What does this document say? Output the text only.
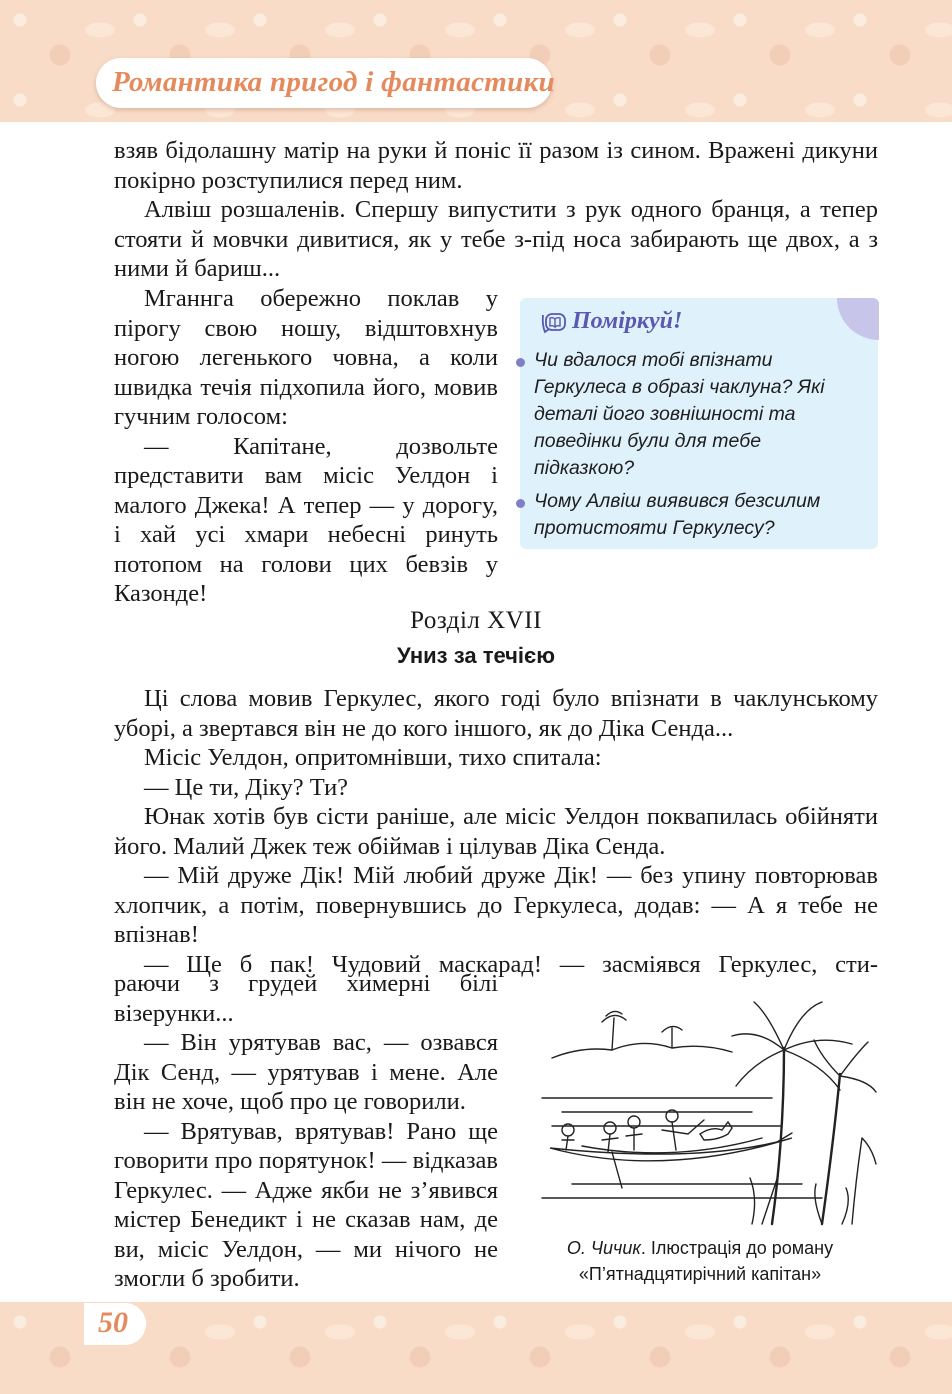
Романтика пригод і фантастики

взяв бідолашну матір на руки й поніс її разом із сином. Вражені дикуни покірно розступилися перед ним.

Алвіш розшаленів. Спершу випустити з рук одного бранця, а тепер стояти й мовчки дивитися, як у тебе з-під носа забирають ще двох, а з ними й бариш...

Мганнга обережно поклав у пірогу свою ношу, відштовхнув ногою легенького човна, а коли швидка течія підхопила його, мовив гучним голосом:

— Капітане, дозвольте представити вам місіс Уелдон і малого Джека! А тепер — у дорогу, і хай усі хмари небесні ринуть потопом на голови цих бевзів у Казонде!

Поміркуй!

Чи вдалося тобі впізнати Геркулеса в образі чаклуна? Які деталі його зовнішності та поведінки були для тебе підказкою?

Чому Алвіш виявився безсилим протистояти Геркулесу?

Розділ XVII
Униз за течією

Ці слова мовив Геркулес, якого годі було впізнати в чаклунському уборі, а звертався він не до кого іншого, як до Діка Сенда...

Місіс Уелдон, опритомнівши, тихо спитала:

— Це ти, Діку? Ти?

Юнак хотів був сісти раніше, але місіс Уелдон поквапилась обійняти його. Малий Джек теж обіймав і цілував Діка Сенда.

— Мій друже Дік! Мій любий друже Дік! — без упину повторював хлопчик, а потім, повернувшись до Геркулеса, додав: — А я тебе не впізнав!

— Ще б пак! Чудовий маскарад! — засміявся Геркулес, сти-

раючи з грудей химерні білі візерунки...

— Він урятував вас, — озвався Дік Сенд, — урятував і мене. Але він не хоче, щоб про це говорили.

— Врятував, врятував! Рано ще говорити про порятунок! — відказав Геркулес. — Адже якби не з’явився містер Бенедикт і не сказав нам, де ви, місіс Уелдон, — ми нічого не змогли б зробити.

О. Чичик. Ілюстрація до роману
«П’ятнадцятирічний капітан»
50
